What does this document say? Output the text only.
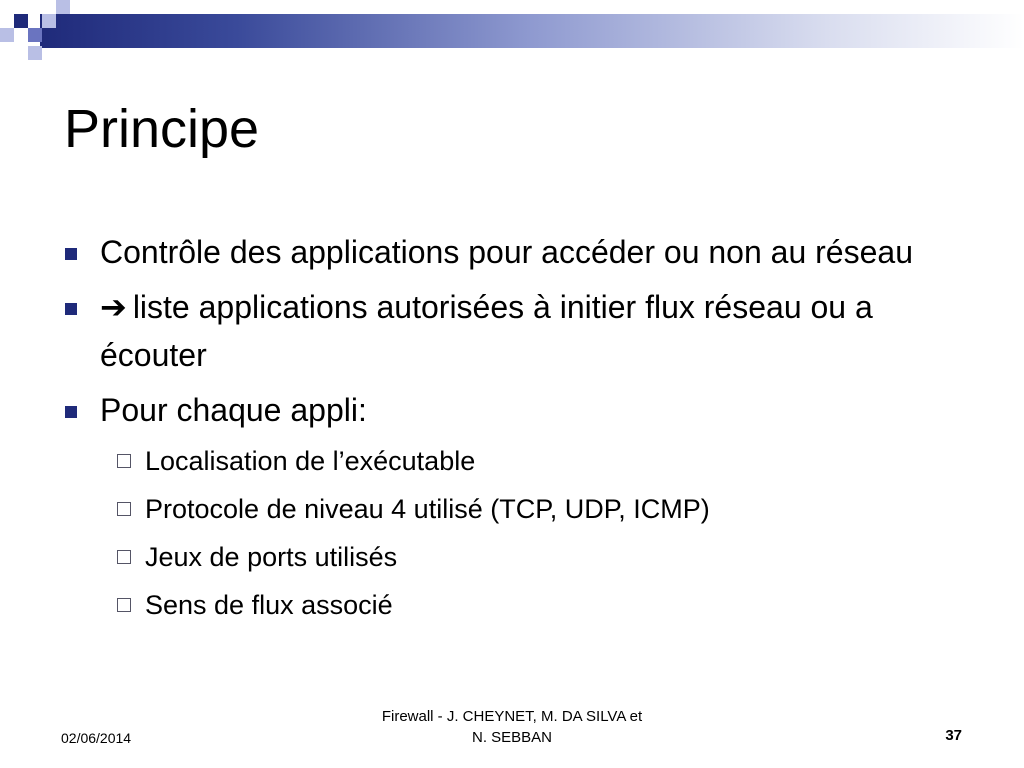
Principe
Contrôle des applications pour accéder ou non au réseau
➔ liste applications autorisées à initier flux réseau ou a écouter
Pour chaque appli:
Localisation de l’exécutable
Protocole de niveau 4 utilisé (TCP, UDP, ICMP)
Jeux de ports utilisés
Sens de flux associé
02/06/2014
Firewall - J. CHEYNET, M. DA SILVA et
N. SEBBAN	37
